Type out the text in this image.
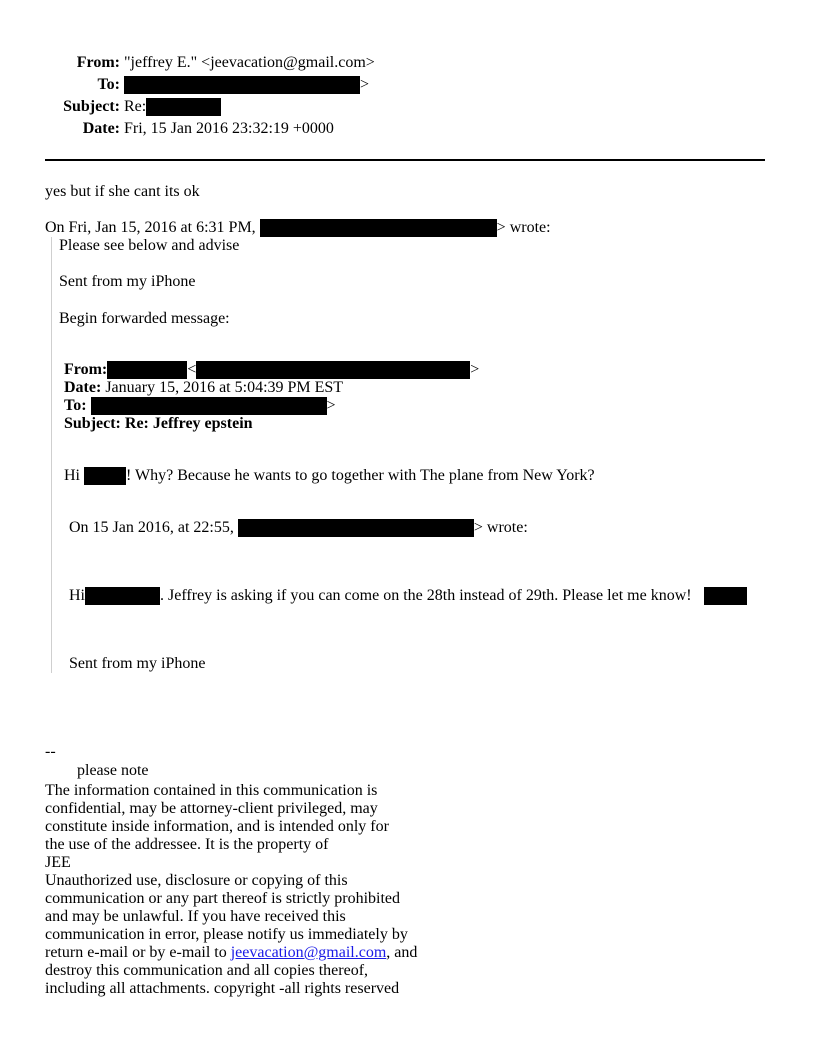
From: "jeffrey E." <jeevacation@gmail.com>
To:	>
Subject: Re:
Date: Fri, 15 Jan 2016 23:32:19 +0000
yes but if she cant its ok
On Fri, Jan 15, 2016 at 6:31 PM,	> wrote:
Please see below and advise
Sent from my iPhone
Begin forwarded message:
From:	<	>
Date: January 15, 2016 at 5:04:39 PM EST
To:	>
Subject: Re: Jeffrey epstein
Hi	! Why? Because he wants to go together with The plane from New York?
On 15 Jan 2016, at 22:55,	> wrote:
Hi	. Jeffrey is asking if you can come on the 28th instead of 29th. Please let me know!
Sent from my iPhone
--
please note
The information contained in this communication is
confidential, may be attorney-client privileged, may
constitute inside information, and is intended only for
the use of the addressee. It is the property of
JEE
Unauthorized use, disclosure or copying of this
communication or any part thereof is strictly prohibited
and may be unlawful. If you have received this
communication in error, please notify us immediately by
return e-mail or by e-mail to jeevacation@gmail.com, and
destroy this communication and all copies thereof,
including all attachments. copyright -all rights reserved
